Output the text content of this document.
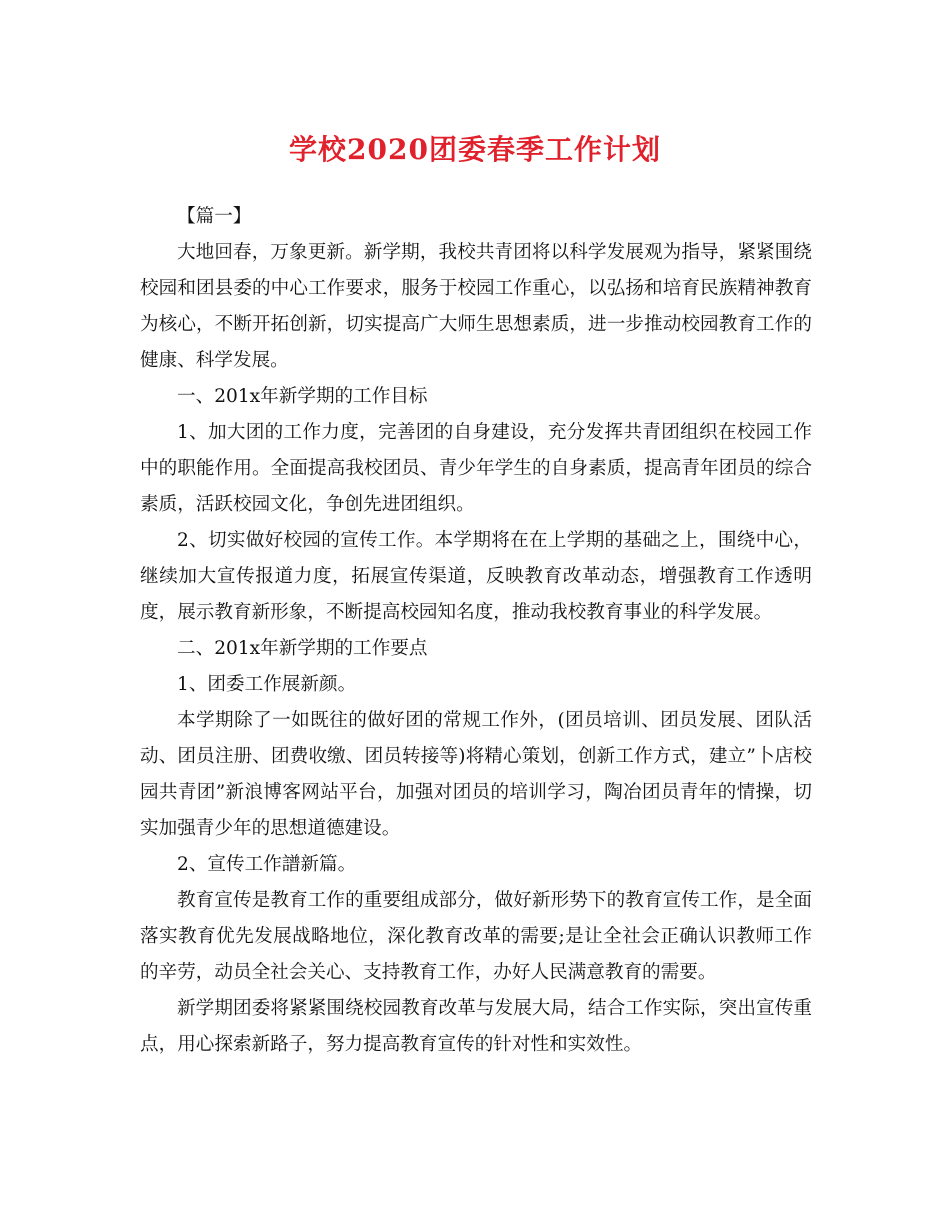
学校2020团委春季工作计划

【篇一】

大地回春，万象更新。新学期，我校共青团将以科学发展观为指导，紧紧围绕校园和团县委的中心工作要求，服务于校园工作重心，以弘扬和培育民族精神教育为核心，不断开拓创新，切实提高广大师生思想素质，进一步推动校园教育工作的健康、科学发展。

一、201x年新学期的工作目标

1、加大团的工作力度，完善团的自身建设，充分发挥共青团组织在校园工作中的职能作用。全面提高我校团员、青少年学生的自身素质，提高青年团员的综合素质，活跃校园文化，争创先进团组织。

2、切实做好校园的宣传工作。本学期将在在上学期的基础之上，围绕中心，继续加大宣传报道力度，拓展宣传渠道，反映教育改革动态，增强教育工作透明度，展示教育新形象，不断提高校园知名度，推动我校教育事业的科学发展。

二、201x年新学期的工作要点

1、团委工作展新颜。

本学期除了一如既往的做好团的常规工作外，(团员培训、团员发展、团队活动、团员注册、团费收缴、团员转接等)将精心策划，创新工作方式，建立”卜店校园共青团”新浪博客网站平台，加强对团员的培训学习，陶冶团员青年的情操，切实加强青少年的思想道德建设。

2、宣传工作譜新篇。

教育宣传是教育工作的重要组成部分，做好新形势下的教育宣传工作，是全面落实教育优先发展战略地位，深化教育改革的需要;是让全社会正确认识教师工作的辛劳，动员全社会关心、支持教育工作，办好人民满意教育的需要。

新学期团委将紧紧围绕校园教育改革与发展大局，结合工作实际，突出宣传重点，用心探索新路子，努力提高教育宣传的针对性和实效性。
